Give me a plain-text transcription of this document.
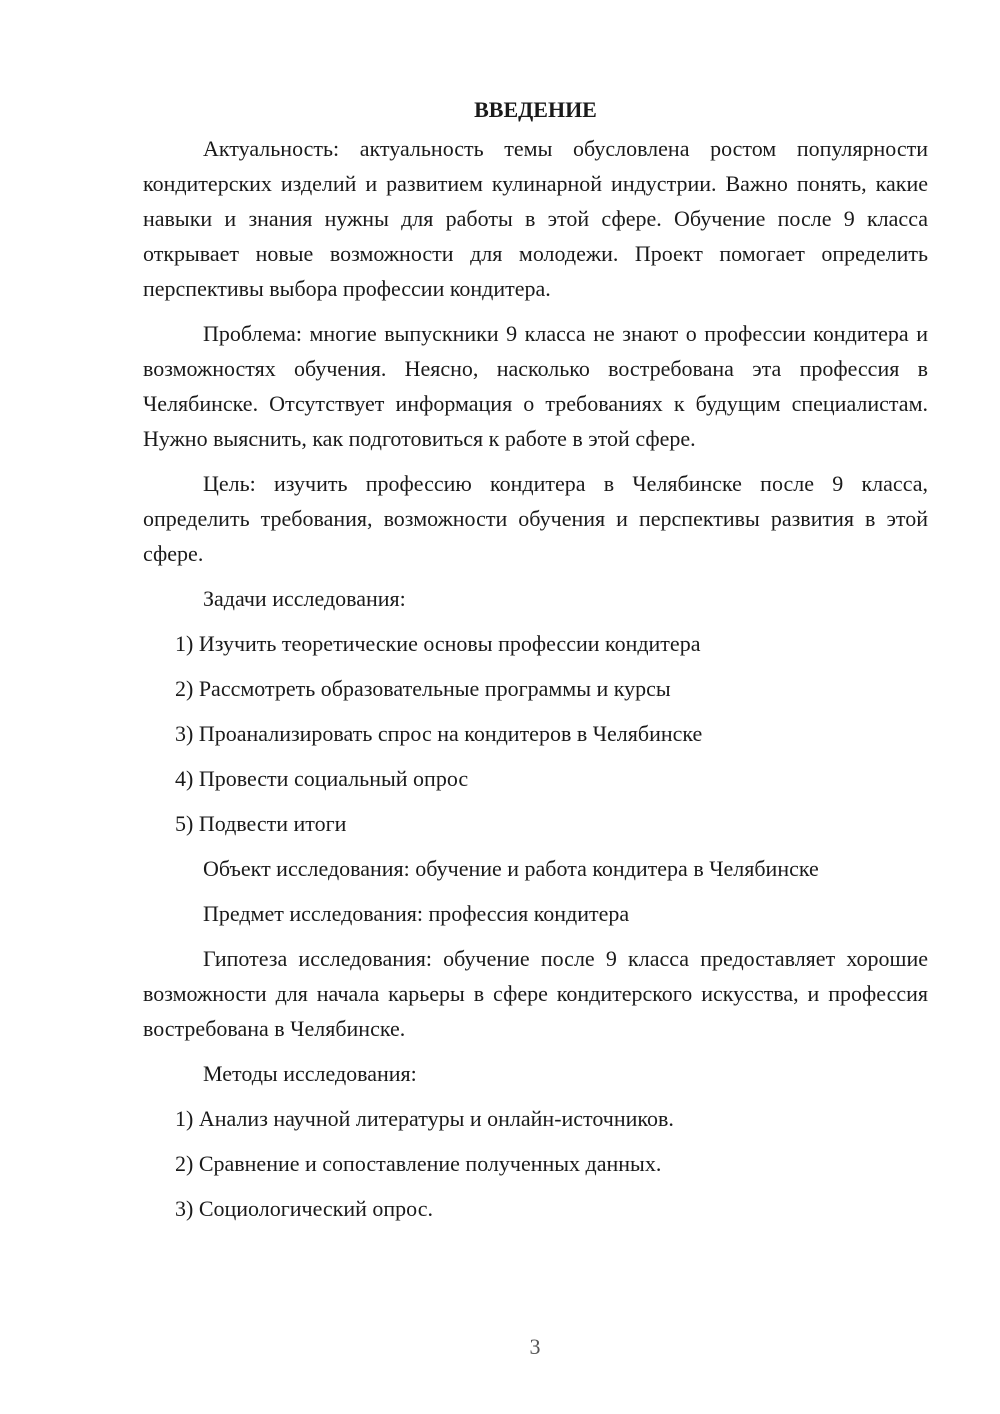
ВВЕДЕНИЕ

Актуальность: актуальность темы обусловлена ростом популярности кондитерских изделий и развитием кулинарной индустрии. Важно понять, какие навыки и знания нужны для работы в этой сфере. Обучение после 9 класса открывает новые возможности для молодежи. Проект помогает определить перспективы выбора профессии кондитера.

Проблема: многие выпускники 9 класса не знают о профессии кондитера и возможностях обучения. Неясно, насколько востребована эта профессия в Челябинске. Отсутствует информация о требованиях к будущим специалистам. Нужно выяснить, как подготовиться к работе в этой сфере.

Цель: изучить профессию кондитера в Челябинске после 9 класса, определить требования, возможности обучения и перспективы развития в этой сфере.

Задачи исследования:

1) Изучить теоретические основы профессии кондитера
2) Рассмотреть образовательные программы и курсы
3) Проанализировать спрос на кондитеров в Челябинске
4) Провести социальный опрос
5) Подвести итоги

Объект исследования: обучение и работа кондитера в Челябинске

Предмет исследования: профессия кондитера

Гипотеза исследования: обучение после 9 класса предоставляет хорошие возможности для начала карьеры в сфере кондитерского искусства, и профессия востребована в Челябинске.

Методы исследования:

1) Анализ научной литературы и онлайн-источников.
2) Сравнение и сопоставление полученных данных.
3) Социологический опрос.
3
